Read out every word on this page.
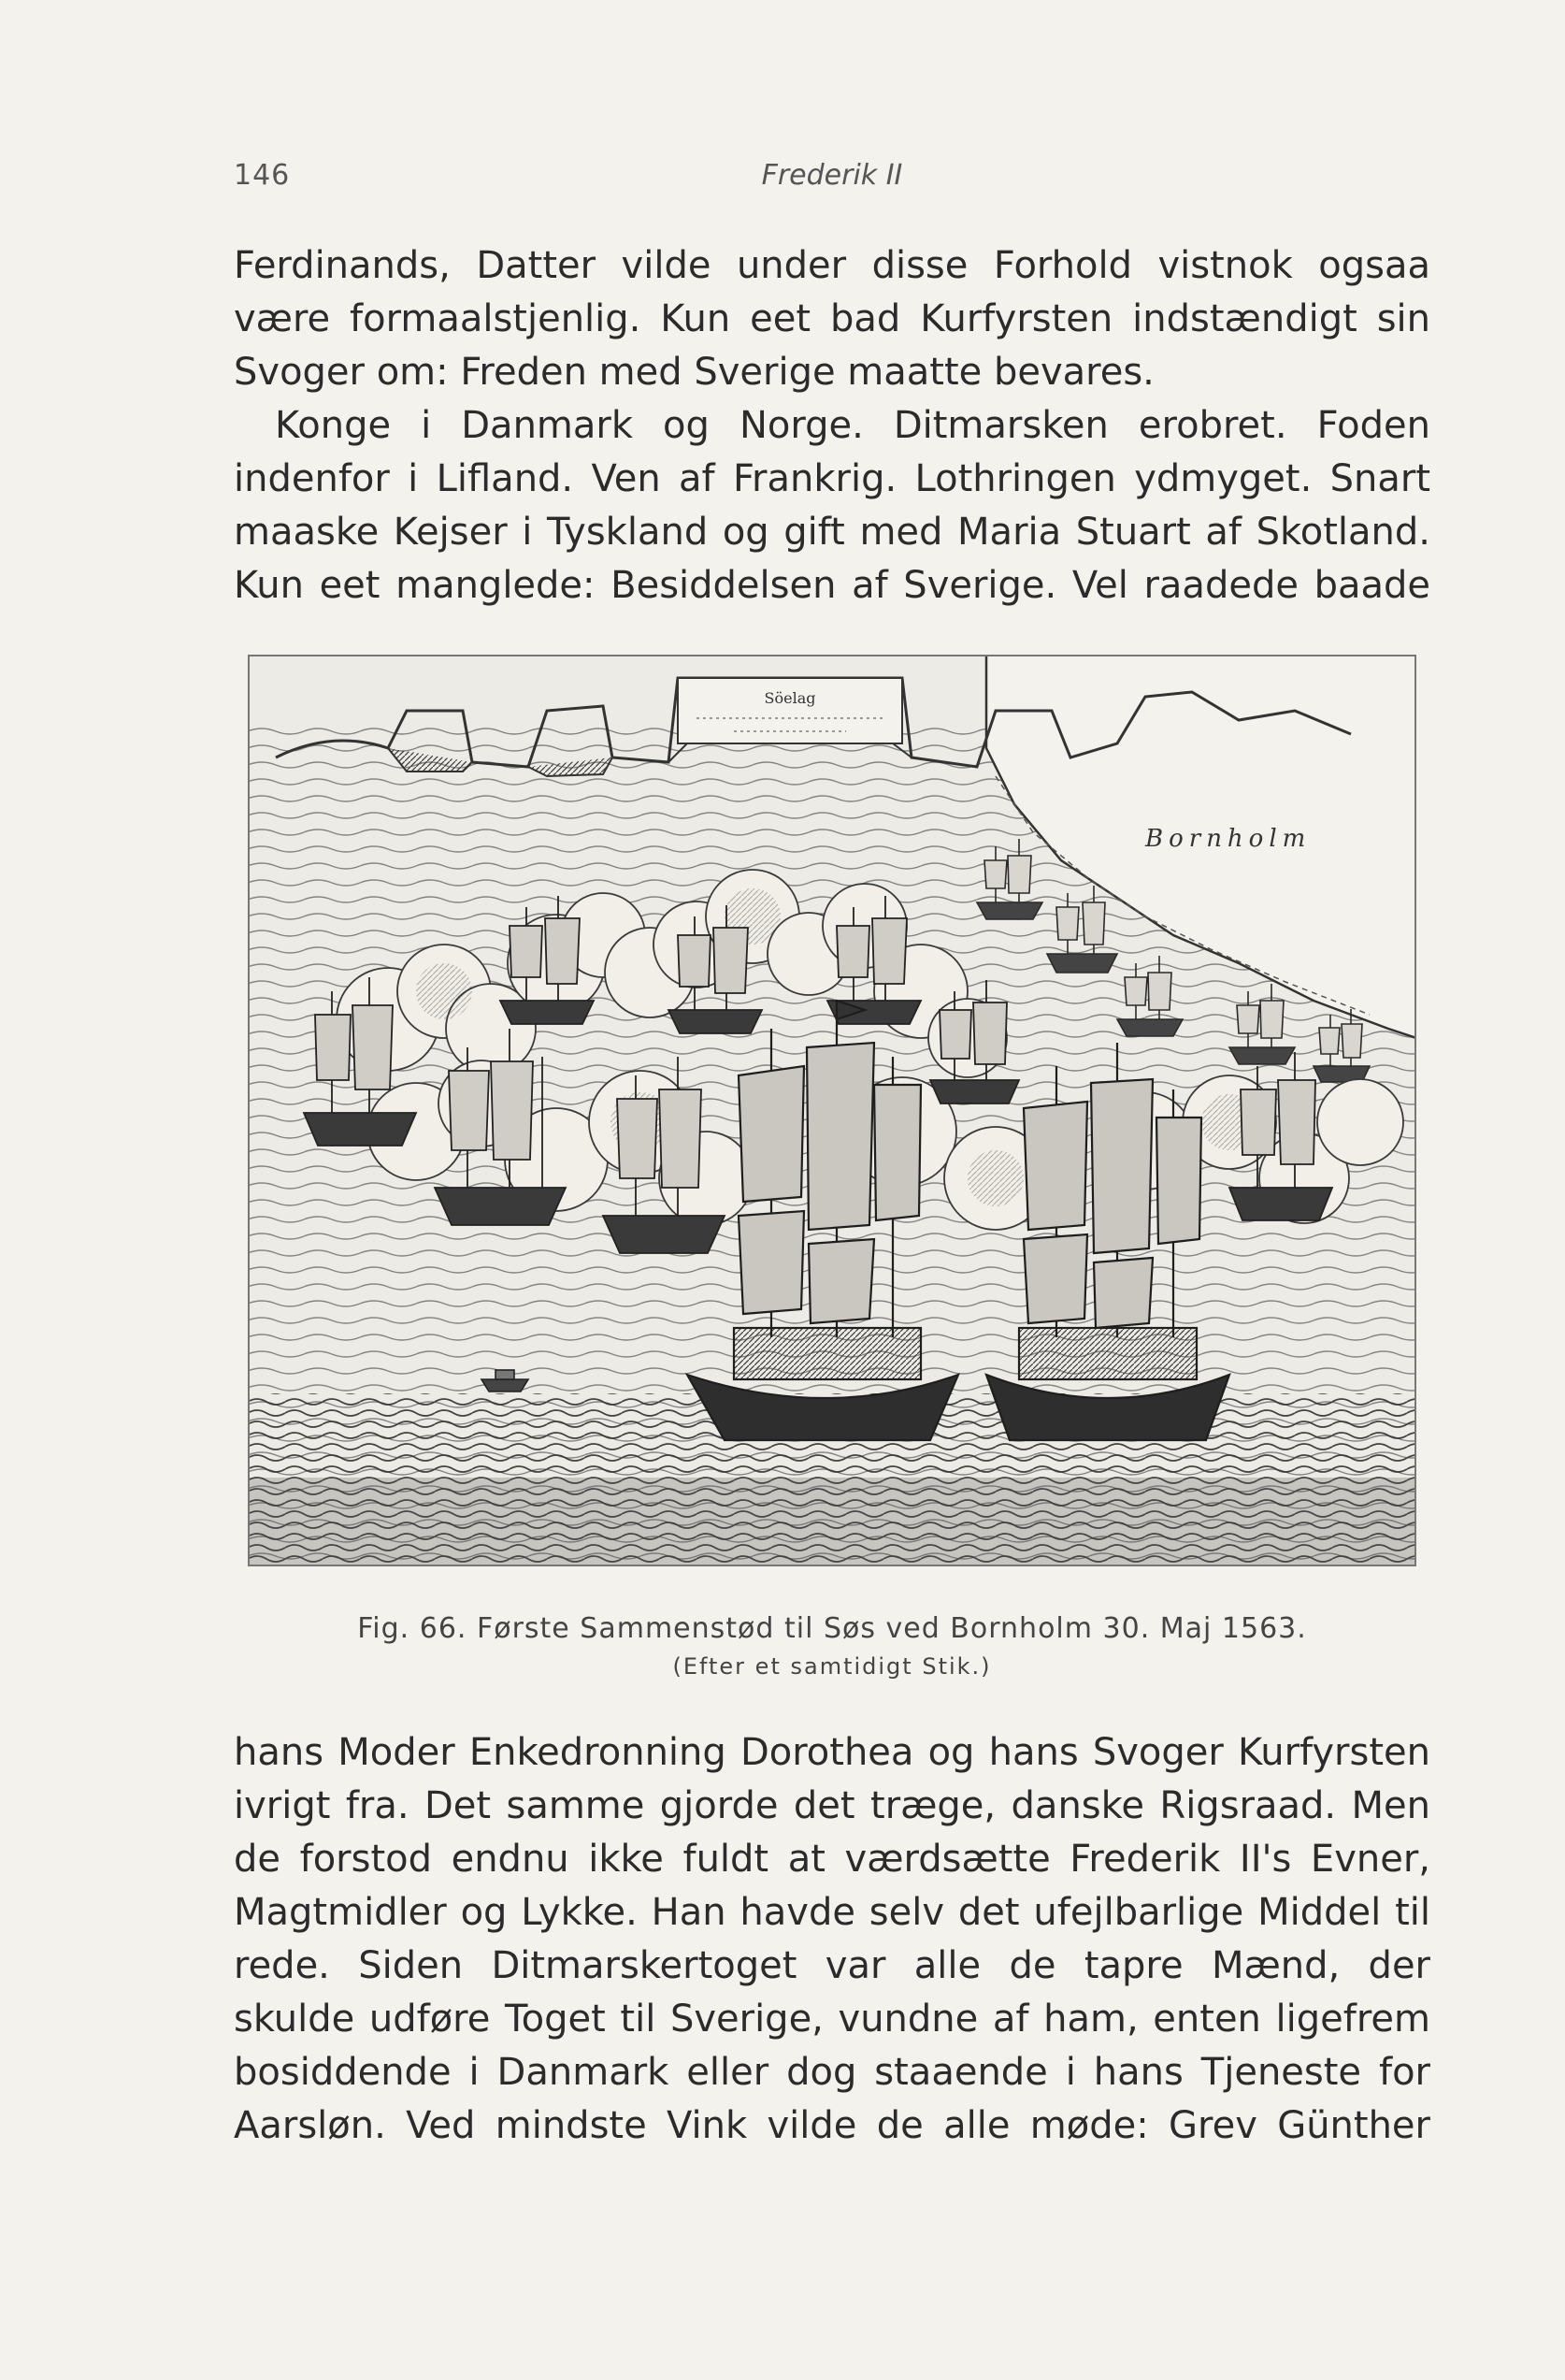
146	Frederik II

Ferdinands, Datter vilde under disse Forhold vistnok ogsaa være formaalstjenlig. Kun eet bad Kurfyrsten indstændigt sin Svoger om: Freden med Sverige maatte bevares.

Konge i Danmark og Norge. Ditmarsken erobret. Foden indenfor i Lifland. Ven af Frankrig. Lothringen ydmyget. Snart maaske Kejser i Tyskland og gift med Maria Stuart af Skotland. Kun eet manglede: Besiddelsen af Sverige. Vel raadede baade

Söelag
Bornholm
Fig. 66. Første Sammenstød til Søs ved Bornholm 30. Maj 1563.
(Efter et samtidigt Stik.)

hans Moder Enkedronning Dorothea og hans Svoger Kurfyrsten ivrigt fra. Det samme gjorde det træge, danske Rigsraad. Men de forstod endnu ikke fuldt at værdsætte Frederik II's Evner, Magtmidler og Lykke. Han havde selv det ufejlbarlige Middel til rede. Siden Ditmarskertoget var alle de tapre Mænd, der skulde udføre Toget til Sverige, vundne af ham, enten ligefrem bosiddende i Danmark eller dog staaende i hans Tjeneste for Aarsløn. Ved mindste Vink vilde de alle møde: Grev Günther
